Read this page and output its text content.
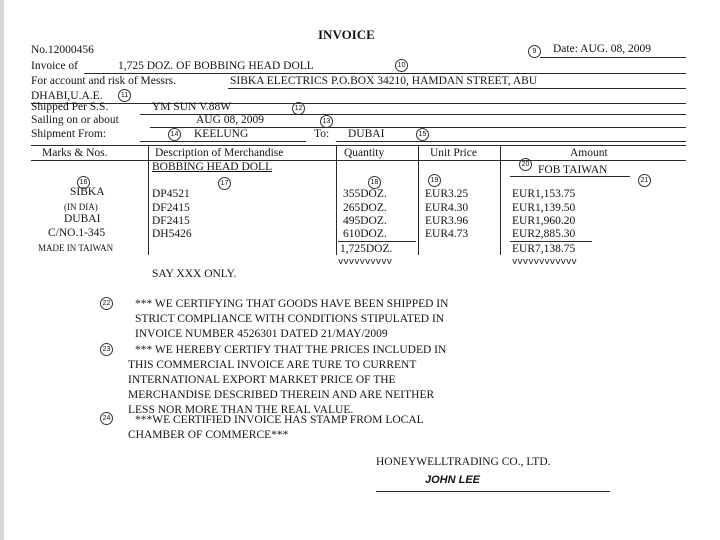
INVOICE
No.12000456	9	Date: AUG. 08, 2009
Invoice of	1,725 DOZ. OF BOBBING HEAD DOLL	10
For account and risk of Messrs.	SIBKA ELECTRICS P.O.BOX 34210, HAMDAN STREET, ABU
DHABI,U.A.E.	11
Shipped Per S.S.	YM SUN V.88W	12
Sailing on or about	AUG 08, 2009	13
Shipment From:	14 KEELUNG	To: DUBAI	15
Marks & Nos.	Description of Merchandise	Quantity	Unit Price	Amount
BOBBING HEAD DOLL	20 FOB TAIWAN
16	17	18	19	21
SIBKA
(IN DIA)
DUBAI
C/NO.1-345
MADE IN TAIWAN
DP4521	355DOZ.	EUR3.25	EUR1,153.75
DF2415	265DOZ.	EUR4.30	EUR1,139.50
DF2415	495DOZ.	EUR3.96	EUR1,960.20
DH5426	610DOZ.	EUR4.73	EUR2,885.30
1,725DOZ.	EUR7,138.75
vvvvvvvvvv	vvvvvvvvvvvv
SAY XXX ONLY.
22 *** WE CERTIFYING THAT GOODS HAVE BEEN SHIPPED IN
STRICT COMPLIANCE WITH CONDITIONS STIPULATED IN
INVOICE NUMBER 4526301 DATED 21/MAY/2009
23 *** WE HEREBY CERTIFY THAT THE PRICES INCLUDED IN
THIS COMMERCIAL INVOICE ARE TURE TO CURRENT
INTERNATIONAL EXPORT MARKET PRICE OF THE
MERCHANDISE DESCRIBED THEREIN AND ARE NEITHER
LESS NOR MORE THAN THE REAL VALUE.
24 ***WE CERTIFIED INVOICE HAS STAMP FROM LOCAL
CHAMBER OF COMMERCE***
HONEYWELLTRADING CO., LTD.
JOHN LEE
